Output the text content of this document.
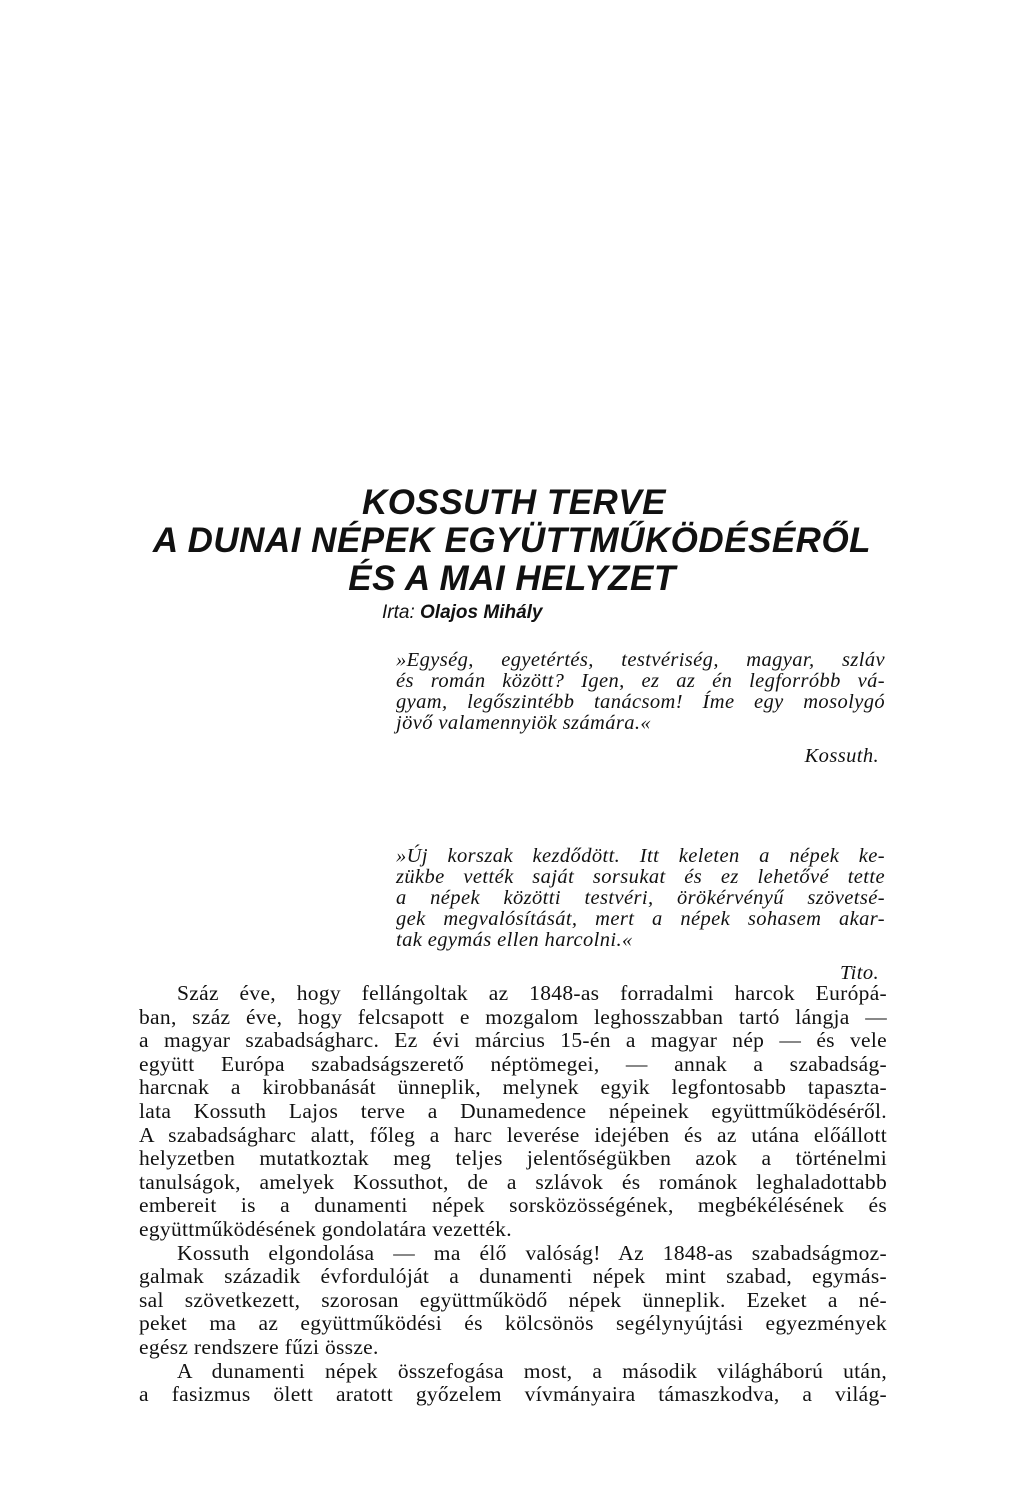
KOSSUTH TERVE

A DUNAI NÉPEK EGYÜTTMŰKÖDÉSÉRŐL

ÉS A MAI HELYZET

Irta: Olajos Mihály
»Egység, egyetértés, testvériség, magyar, szláv
és román között? Igen, ez az én legforróbb vá-
gyam, legőszintébb tanácsom! Íme egy mosolygó
jövő valamennyiök számára.«
Kossuth.
»Új korszak kezdődött. Itt keleten a népek ke-
zükbe vették saját sorsukat és ez lehetővé tette
a népek közötti testvéri, örökérvényű szövetsé-
gek megvalósítását, mert a népek sohasem akar-
tak egymás ellen harcolni.«
Tito.
Száz éve, hogy fellángoltak az 1848-as forradalmi harcok Európá-
ban, száz éve, hogy felcsapott e mozgalom leghosszabban tartó lángja —
a magyar szabadságharc. Ez évi március 15-én a magyar nép — és vele
együtt Európa szabadságszerető néptömegei, — annak a szabadság-
harcnak a kirobbanását ünneplik, melynek egyik legfontosabb tapaszta-
lata Kossuth Lajos terve a Dunamedence népeinek együttműködéséről.
A szabadságharc alatt, főleg a harc leverése idejében és az utána előállott
helyzetben mutatkoztak meg teljes jelentőségükben azok a történelmi
tanulságok, amelyek Kossuthot, de a szlávok és románok leghaladottabb
embereit is a dunamenti népek sorsközösségének, megbékélésének és
együttműködésének gondolatára vezették.
Kossuth elgondolása — ma élő valóság! Az 1848-as szabadságmoz-
galmak századik évfordulóját a dunamenti népek mint szabad, egymás-
sal szövetkezett, szorosan együttműködő népek ünneplik. Ezeket a né-
peket ma az együttműködési és kölcsönös segélynyújtási egyezmények
egész rendszere fűzi össze.
A dunamenti népek összefogása most, a második világháború után,
a fasizmus ölett aratott győzelem vívmányaira támaszkodva, a világ-
